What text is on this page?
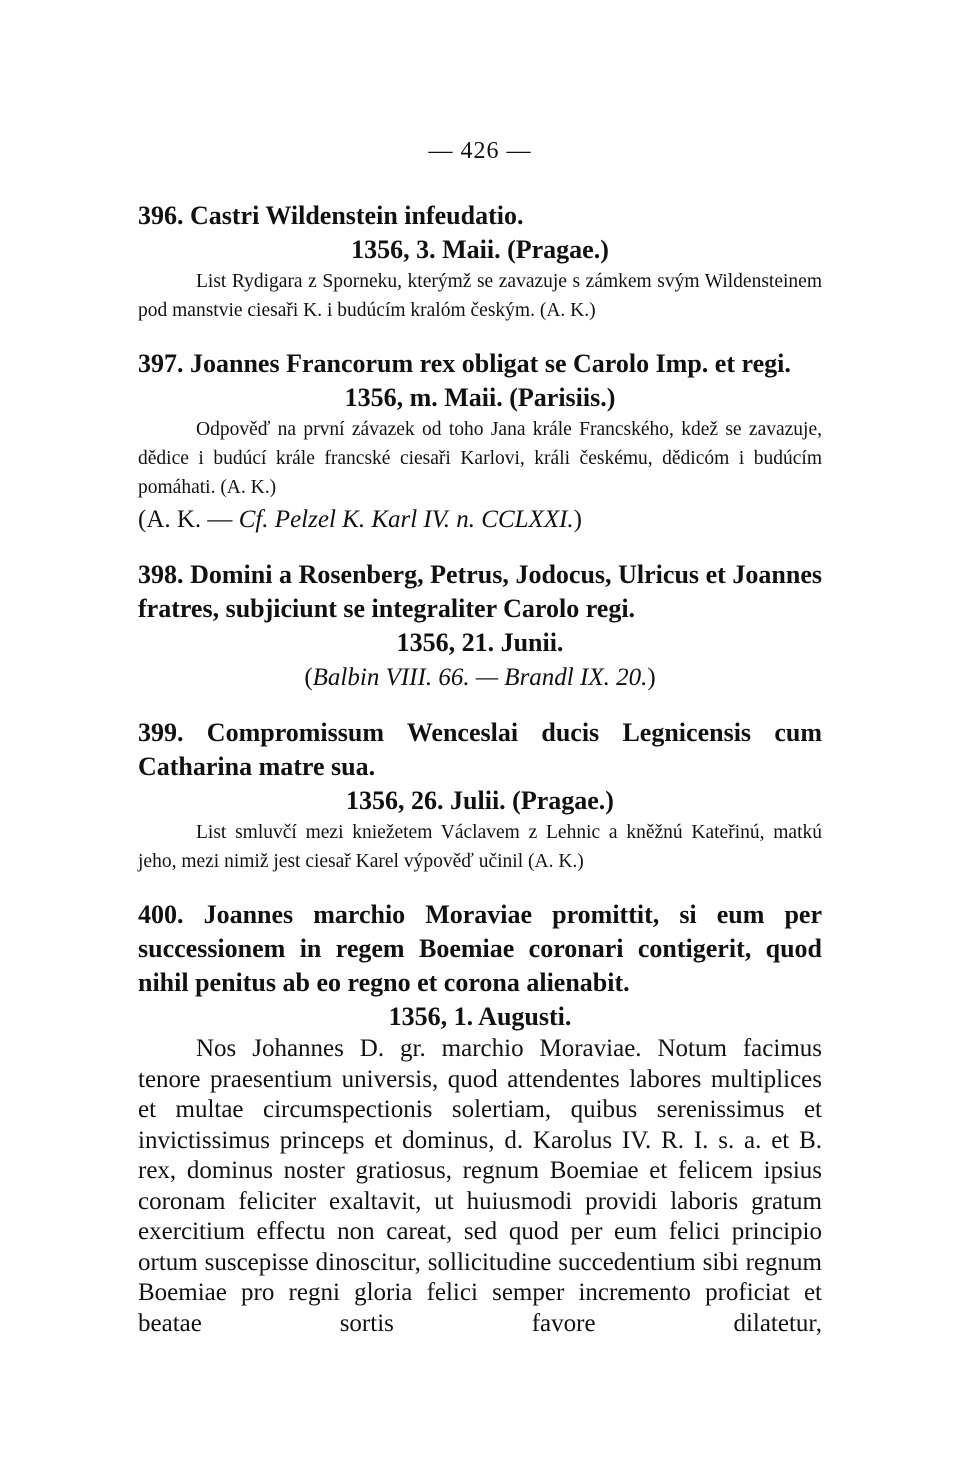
— 426 —

396. Castri Wildenstein infeudatio.

1356, 3. Maii. (Pragae.)

List Rydigara z Sporneku, kterýmž se zavazuje s zámkem svým Wildensteinem pod manstvie ciesaři K. i budúcím kralóm českým. (A. K.)

397. Joannes Francorum rex obligat se Carolo Imp. et regi.

1356, m. Maii. (Parisiis.)

Odpověď na první závazek od toho Jana krále Francského, kdež se zavazuje, dědice i budúcí krále francské ciesaři Karlovi, králi českému, dědicóm i budúcím pomáhati. (A. K.)

(A. K. — Cf. Pelzel K. Karl IV. n. CCLXXI.)

398. Domini a Rosenberg, Petrus, Jodocus, Ulricus et Joannes fratres, subjiciunt se integraliter Carolo regi.

1356, 21. Junii.

(Balbin VIII. 66. — Brandl IX. 20.)

399. Compromissum Wenceslai ducis Legnicensis cum Catharina matre sua.

1356, 26. Julii. (Pragae.)

List smluvčí mezi kniežetem Václavem z Lehnic a kněžnú Kateřinú, matkú jeho, mezi nimiž jest ciesař Karel výpověď učinil (A. K.)

400. Joannes marchio Moraviae promittit, si eum per successionem in regem Boemiae coronari contigerit, quod nihil penitus ab eo regno et corona alienabit.

1356, 1. Augusti.

Nos Johannes D. gr. marchio Moraviae. Notum facimus tenore praesentium universis, quod attendentes labores multiplices et multae circumspectionis solertiam, quibus serenissimus et invictissimus princeps et dominus, d. Karolus IV. R. I. s. a. et B. rex, dominus noster gratiosus, regnum Boemiae et felicem ipsius coronam feliciter exaltavit, ut huiusmodi providi laboris gratum exercitium effectu non careat, sed quod per eum felici principio ortum suscepisse dinoscitur, sollicitudine succedentium sibi regnum Boemiae pro regni gloria felici semper incremento proficiat et beatae sortis favore dilatetur,
